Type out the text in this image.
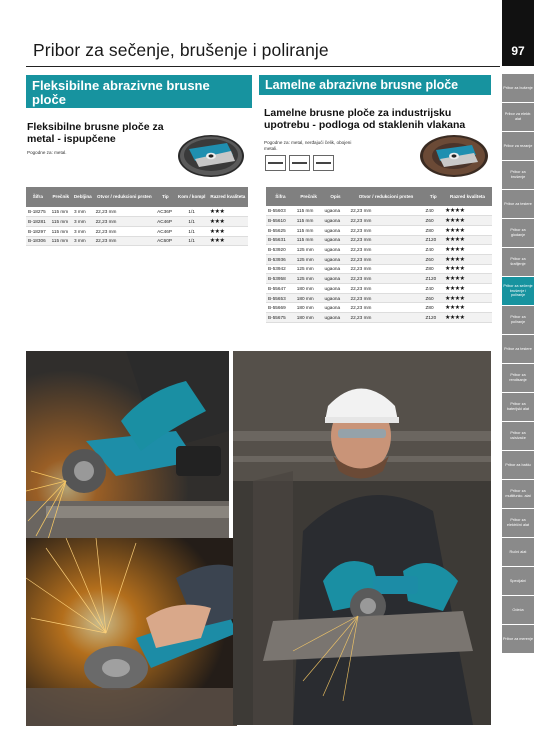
97
Pribor za sečenje, brušenje i poliranje
Fleksibilne abrazivne brusne ploče
Fleksibilne brusne ploče za metal - ispupčene
Pogodne za: metal.
Šifra	Prečnik	Debljina	Otvor / redukcioni prsten	Tip	Kom / kompl	Razred kvaliteta
B-18275	115 mm	3 mm	22,23 mm	AC36P	1/1	★★★
B-18281	115 mm	3 mm	22,23 mm	AC46P	1/1	★★★
B-18297	115 mm	3 mm	22,23 mm	AC46P	1/1	★★★
B-18306	115 mm	3 mm	22,23 mm	AC60P	1/1	★★★
Lamelne abrazivne brusne ploče
Lamelne brusne ploče za industrijsku upotrebu - podloga od staklenih vlakana
Pogodne za: metal, nerđajući čelik, obojeni metali.
Šifra	Prečnik	Opis	Otvor / redukcioni prsten	Tip	Razred kvaliteta
B-55603	115 mm	ugaona	22,23 mm	Z40	★★★★
B-55610	115 mm	ugaona	22,23 mm	Z60	★★★★
B-55625	115 mm	ugaona	22,23 mm	Z80	★★★★
B-55631	115 mm	ugaona	22,23 mm	Z120	★★★★
B-53920	125 mm	ugaona	22,23 mm	Z40	★★★★
B-53936	125 mm	ugaona	22,23 mm	Z60	★★★★
B-53942	125 mm	ugaona	22,23 mm	Z80	★★★★
B-53958	125 mm	ugaona	22,23 mm	Z120	★★★★
B-55647	180 mm	ugaona	22,23 mm	Z40	★★★★
B-55653	180 mm	ugaona	22,23 mm	Z60	★★★★
B-55669	180 mm	ugaona	22,23 mm	Z80	★★★★
B-55675	180 mm	ugaona	22,23 mm	Z120	★★★★
Pribor za bušenje
Pribor za elektr. alat
Pribor za rezanje
Pribor za brušenje
Pribor za testere
Pribor za glodanje
Pribor za šrafljenje
Pribor za sečenje brušenje i poliranje
Pribor za poliranje
Pribor za testere
Pribor za rendisanje
Pribor za baterijski alat
Pribor za usisivače
Pribor za baštu
Pribor za multifunkc. alat
Pribor za električni alat
Ručni alat
Specijalni
Odeća
Pribor za merenje
